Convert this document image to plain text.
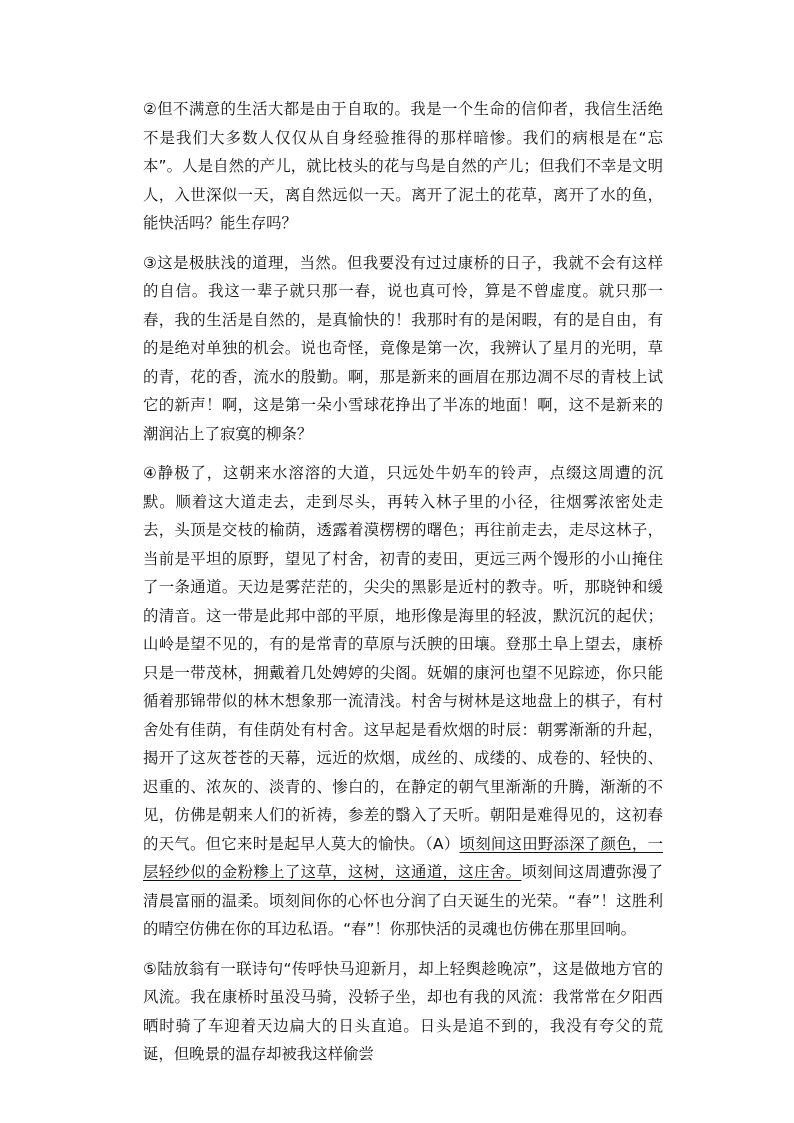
②但不满意的生活大都是由于自取的。我是一个生命的信仰者，我信生活绝不是我们大多数人仅仅从自身经验推得的那样暗惨。我们的病根是在“忘本”。人是自然的产儿，就比枝头的花与鸟是自然的产儿；但我们不幸是文明人，入世深似一天，离自然远似一天。离开了泥土的花草，离开了水的鱼，能快活吗？能生存吗？

③这是极肤浅的道理，当然。但我要没有过过康桥的日子，我就不会有这样的自信。我这一辈子就只那一春，说也真可怜，算是不曾虚度。就只那一春，我的生活是自然的，是真愉快的！我那时有的是闲暇，有的是自由，有的是绝对单独的机会。说也奇怪，竟像是第一次，我辨认了星月的光明，草的青，花的香，流水的殷勤。啊，那是新来的画眉在那边凋不尽的青枝上试它的新声！啊，这是第一朵小雪球花挣出了半冻的地面！啊，这不是新来的潮润沾上了寂寞的柳条？

④静极了，这朝来水溶溶的大道，只远处牛奶车的铃声，点缀这周遭的沉默。顺着这大道走去，走到尽头，再转入林子里的小径，往烟雾浓密处走去，头顶是交枝的榆荫，透露着漠楞楞的曙色；再往前走去，走尽这林子，当前是平坦的原野，望见了村舍，初青的麦田，更远三两个馒形的小山掩住了一条通道。天边是雾茫茫的，尖尖的黑影是近村的教寺。听，那晓钟和缓的清音。这一带是此邦中部的平原，地形像是海里的轻波，默沉沉的起伏；山岭是望不见的，有的是常青的草原与沃腴的田壤。登那土阜上望去，康桥只是一带茂林，拥戴着几处娉婷的尖阁。妩媚的康河也望不见踪迹，你只能循着那锦带似的林木想象那一流清浅。村舍与树林是这地盘上的棋子，有村舍处有佳荫，有佳荫处有村舍。这早起是看炊烟的时辰：朝雾渐渐的升起，揭开了这灰苍苍的天幕，远近的炊烟，成丝的、成缕的、成卷的、轻快的、迟重的、浓灰的、淡青的、惨白的，在静定的朝气里渐渐的升腾，渐渐的不见，仿佛是朝来人们的祈祷，参差的翳入了天听。朝阳是难得见的，这初春的天气。但它来时是起早人莫大的愉快。（A）顷刻间这田野添深了颜色，一层轻纱似的金粉糁上了这草，这树，这通道，这庄舍。顷刻间这周遭弥漫了清晨富丽的温柔。顷刻间你的心怀也分润了白天诞生的光荣。“春”！这胜利的晴空仿佛在你的耳边私语。“春”！你那快活的灵魂也仿佛在那里回响。

⑤陆放翁有一联诗句“传呼快马迎新月，却上轻舆趁晚凉”，这是做地方官的风流。我在康桥时虽没马骑，没轿子坐，却也有我的风流：我常常在夕阳西晒时骑了车迎着天边扁大的日头直追。日头是追不到的，我没有夸父的荒诞，但晚景的温存却被我这样偷尝
